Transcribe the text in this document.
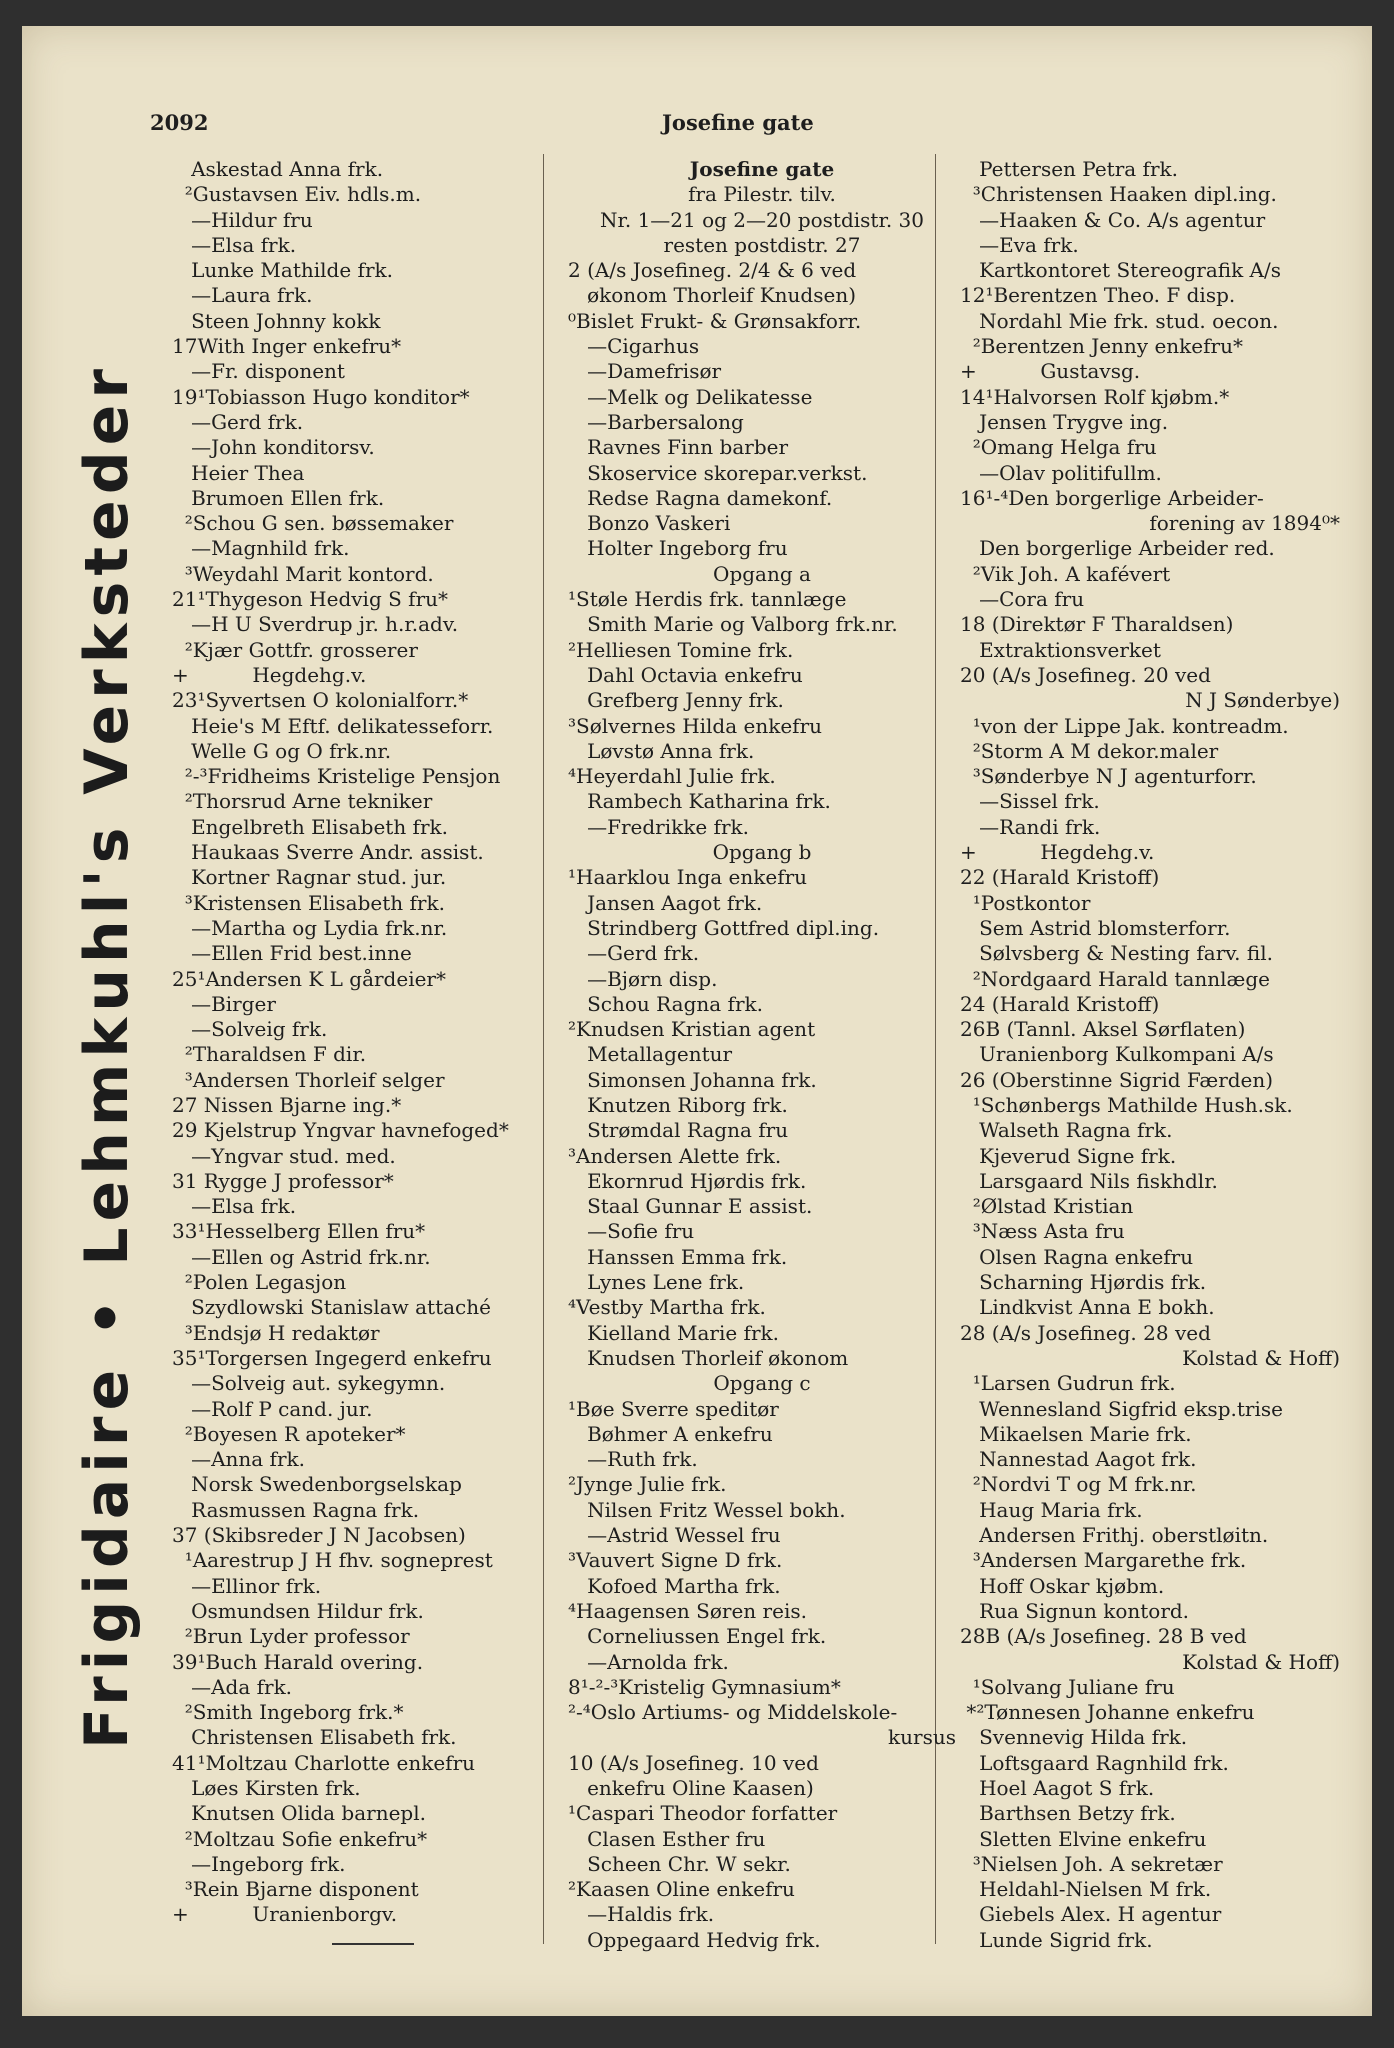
Frigidaire • Lehmkuhl's Verksteder
2092	Josefine gate
Askestad Anna frk.
²Gustavsen Eiv. hdls.m.
—Hildur fru
—Elsa frk.
Lunke Mathilde frk.
—Laura frk.
Steen Johnny kokk
17With Inger enkefru*
—Fr. disponent
19¹Tobiasson Hugo konditor*
—Gerd frk.
—John konditorsv.
Heier Thea
Brumoen Ellen frk.
²Schou G sen. bøssemaker
—Magnhild frk.
³Weydahl Marit kontord.
21¹Thygeson Hedvig S fru*
—H U Sverdrup jr. h.r.adv.
²Kjær Gottfr. grosserer
+          Hegdehg.v.
23¹Syvertsen O kolonialforr.*
Heie's M Eftf. delikatesseforr.
Welle G og O frk.nr.
²-³Fridheims Kristelige Pensjon
²Thorsrud Arne tekniker
Engelbreth Elisabeth frk.
Haukaas Sverre Andr. assist.
Kortner Ragnar stud. jur.
³Kristensen Elisabeth frk.
—Martha og Lydia frk.nr.
—Ellen Frid best.inne
25¹Andersen K L gårdeier*
—Birger
—Solveig frk.
²Tharaldsen F dir.
³Andersen Thorleif selger
27 Nissen Bjarne ing.*
29 Kjelstrup Yngvar havnefoged*
—Yngvar stud. med.
31 Rygge J professor*
—Elsa frk.
33¹Hesselberg Ellen fru*
—Ellen og Astrid frk.nr.
²Polen Legasjon
Szydlowski Stanislaw attaché
³Endsjø H redaktør
35¹Torgersen Ingegerd enkefru
—Solveig aut. sykegymn.
—Rolf P cand. jur.
²Boyesen R apoteker*
—Anna frk.
Norsk Swedenborgselskap
Rasmussen Ragna frk.
37 (Skibsreder J N Jacobsen)
¹Aarestrup J H fhv. sogneprest
—Ellinor frk.
Osmundsen Hildur frk.
²Brun Lyder professor
39¹Buch Harald overing.
—Ada frk.
²Smith Ingeborg frk.*
Christensen Elisabeth frk.
41¹Moltzau Charlotte enkefru
Løes Kirsten frk.
Knutsen Olida barnepl.
²Moltzau Sofie enkefru*
—Ingeborg frk.
³Rein Bjarne disponent
+          Uranienborgv.
Josefine gate
fra Pilestr. tilv.
Nr. 1—21 og 2—20 postdistr. 30
resten postdistr. 27
2 (A/s Josefineg. 2/4 & 6 ved
økonom Thorleif Knudsen)
⁰Bislet Frukt- & Grønsakforr.
—Cigarhus
—Damefrisør
—Melk og Delikatesse
—Barbersalong
Ravnes Finn barber
Skoservice skorepar.verkst.
Redse Ragna damekonf.
Bonzo Vaskeri
Holter Ingeborg fru
Opgang a
¹Støle Herdis frk. tannlæge
Smith Marie og Valborg frk.nr.
²Helliesen Tomine frk.
Dahl Octavia enkefru
Grefberg Jenny frk.
³Sølvernes Hilda enkefru
Løvstø Anna frk.
⁴Heyerdahl Julie frk.
Rambech Katharina frk.
—Fredrikke frk.
Opgang b
¹Haarklou Inga enkefru
Jansen Aagot frk.
Strindberg Gottfred dipl.ing.
—Gerd frk.
—Bjørn disp.
Schou Ragna frk.
²Knudsen Kristian agent
Metallagentur
Simonsen Johanna frk.
Knutzen Riborg frk.
Strømdal Ragna fru
³Andersen Alette frk.
Ekornrud Hjørdis frk.
Staal Gunnar E assist.
—Sofie fru
Hanssen Emma frk.
Lynes Lene frk.
⁴Vestby Martha frk.
Kielland Marie frk.
Knudsen Thorleif økonom
Opgang c
¹Bøe Sverre speditør
Bøhmer A enkefru
—Ruth frk.
²Jynge Julie frk.
Nilsen Fritz Wessel bokh.
—Astrid Wessel fru
³Vauvert Signe D frk.
Kofoed Martha frk.
⁴Haagensen Søren reis.
Corneliussen Engel frk.
—Arnolda frk.
8¹-²-³Kristelig Gymnasium*
²-⁴Oslo Artiums- og Middelskole-
kursus
10 (A/s Josefineg. 10 ved
enkefru Oline Kaasen)
¹Caspari Theodor forfatter
Clasen Esther fru
Scheen Chr. W sekr.
²Kaasen Oline enkefru
—Haldis frk.
Oppegaard Hedvig frk.
Pettersen Petra frk.
³Christensen Haaken dipl.ing.
—Haaken & Co. A/s agentur
—Eva frk.
Kartkontoret Stereografik A/s
12¹Berentzen Theo. F disp.
Nordahl Mie frk. stud. oecon.
²Berentzen Jenny enkefru*
+          Gustavsg.
14¹Halvorsen Rolf kjøbm.*
Jensen Trygve ing.
²Omang Helga fru
—Olav politifullm.
16¹-⁴Den borgerlige Arbeider-
forening av 1894⁰*
Den borgerlige Arbeider red.
²Vik Joh. A kafévert
—Cora fru
18 (Direktør F Tharaldsen)
Extraktionsverket
20 (A/s Josefineg. 20 ved
N J Sønderbye)
¹von der Lippe Jak. kontreadm.
²Storm A M dekor.maler
³Sønderbye N J agenturforr.
—Sissel frk.
—Randi frk.
+          Hegdehg.v.
22 (Harald Kristoff)
¹Postkontor
Sem Astrid blomsterforr.
Sølvsberg & Nesting farv. fil.
²Nordgaard Harald tannlæge
24 (Harald Kristoff)
26B (Tannl. Aksel Sørflaten)
Uranienborg Kulkompani A/s
26 (Oberstinne Sigrid Færden)
¹Schønbergs Mathilde Hush.sk.
Walseth Ragna frk.
Kjeverud Signe frk.
Larsgaard Nils fiskhdlr.
²Ølstad Kristian
³Næss Asta fru
Olsen Ragna enkefru
Scharning Hjørdis frk.
Lindkvist Anna E bokh.
28 (A/s Josefineg. 28 ved
Kolstad & Hoff)
¹Larsen Gudrun frk.
Wennesland Sigfrid eksp.trise
Mikaelsen Marie frk.
Nannestad Aagot frk.
²Nordvi T og M frk.nr.
Haug Maria frk.
Andersen Frithj. oberstløitn.
³Andersen Margarethe frk.
Hoff Oskar kjøbm.
Rua Signun kontord.
28B (A/s Josefineg. 28 B ved
Kolstad & Hoff)
¹Solvang Juliane fru
*²Tønnesen Johanne enkefru
Svennevig Hilda frk.
Loftsgaard Ragnhild frk.
Hoel Aagot S frk.
Barthsen Betzy frk.
Sletten Elvine enkefru
³Nielsen Joh. A sekretær
Heldahl-Nielsen M frk.
Giebels Alex. H agentur
Lunde Sigrid frk.
